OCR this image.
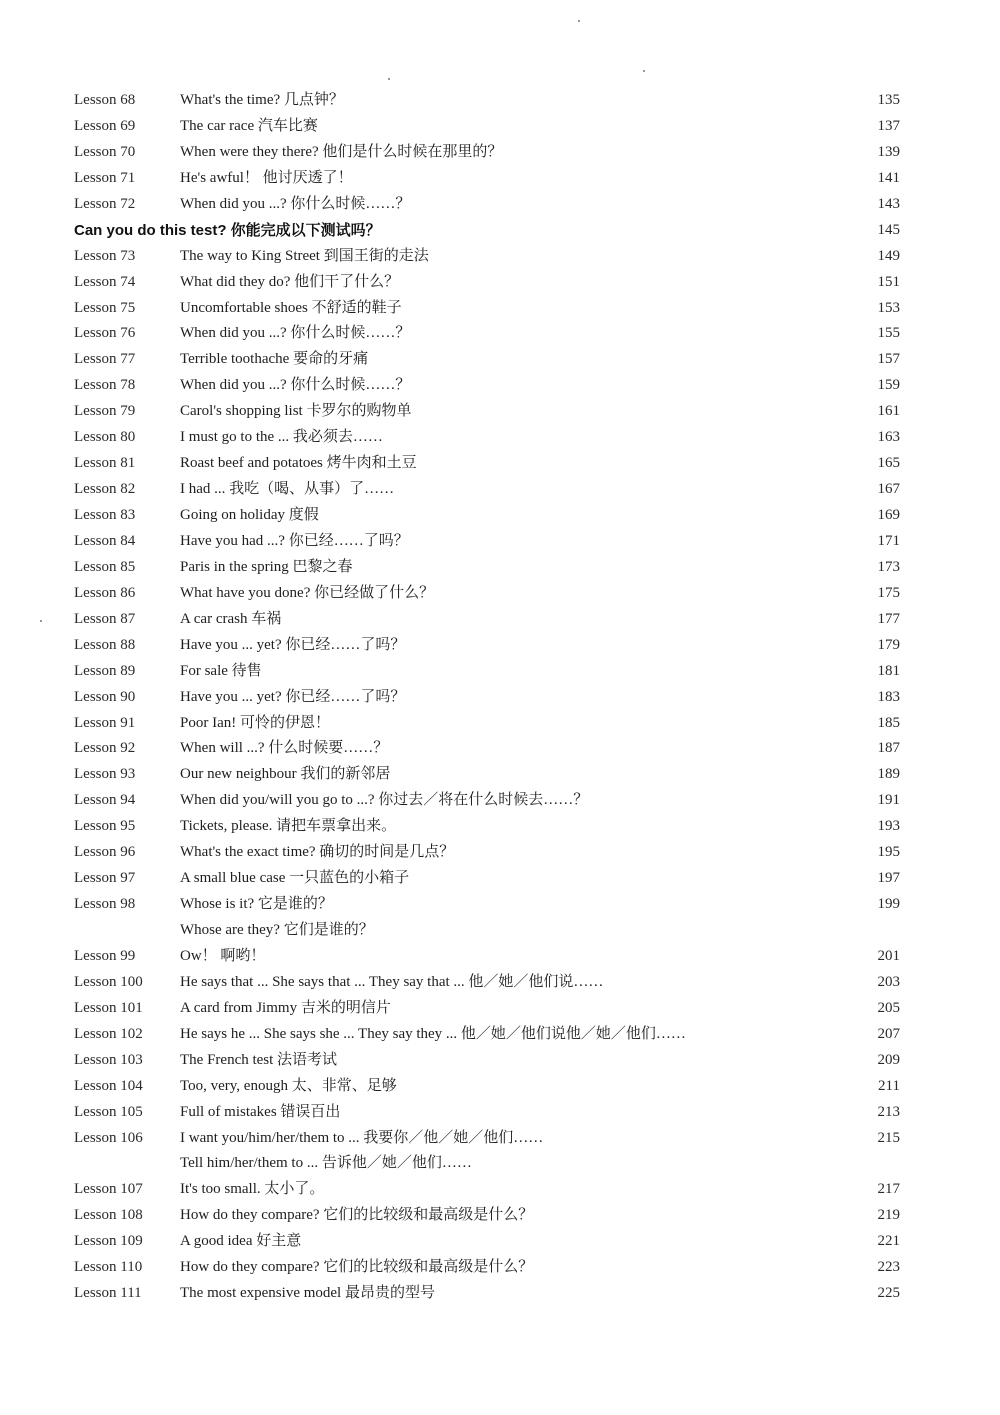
Lesson 68	What's the time? 几点钟？	135
Lesson 69	The car race 汽车比赛	137
Lesson 70	When were they there? 他们是什么时候在那里的？	139
Lesson 71	He's awful！ 他讨厌透了！	141
Lesson 72	When did you ...? 你什么时候……？	143
Can you do this test? 你能完成以下测试吗？	145
Lesson 73	The way to King Street 到国王街的走法	149
Lesson 74	What did they do? 他们干了什么？	151
Lesson 75	Uncomfortable shoes 不舒适的鞋子	153
Lesson 76	When did you ...? 你什么时候……？	155
Lesson 77	Terrible toothache 要命的牙痛	157
Lesson 78	When did you ...? 你什么时候……？	159
Lesson 79	Carol's shopping list 卡罗尔的购物单	161
Lesson 80	I must go to the ... 我必须去……	163
Lesson 81	Roast beef and potatoes 烤牛肉和土豆	165
Lesson 82	I had ... 我吃（喝、从事）了……	167
Lesson 83	Going on holiday 度假	169
Lesson 84	Have you had ...? 你已经……了吗？	171
Lesson 85	Paris in the spring 巴黎之春	173
Lesson 86	What have you done? 你已经做了什么？	175
Lesson 87	A car crash 车祸	177
Lesson 88	Have you ... yet? 你已经……了吗？	179
Lesson 89	For sale 待售	181
Lesson 90	Have you ... yet? 你已经……了吗？	183
Lesson 91	Poor Ian! 可怜的伊恩！	185
Lesson 92	When will ...? 什么时候要……？	187
Lesson 93	Our new neighbour 我们的新邻居	189
Lesson 94	When did you/will you go to ...? 你过去／将在什么时候去……？	191
Lesson 95	Tickets, please. 请把车票拿出来。	193
Lesson 96	What's the exact time? 确切的时间是几点？	195
Lesson 97	A small blue case 一只蓝色的小箱子	197
Lesson 98	Whose is it? 它是谁的？	199
Whose are they? 它们是谁的？
Lesson 99	Ow！ 啊哟！	201
Lesson 100	He says that ... She says that ... They say that ... 他／她／他们说……	203
Lesson 101	A card from Jimmy 吉米的明信片	205
Lesson 102	He says he ... She says she ... They say they ... 他／她／他们说他／她／他们……	207
Lesson 103	The French test 法语考试	209
Lesson 104	Too, very, enough 太、非常、足够	211
Lesson 105	Full of mistakes 错误百出	213
Lesson 106	I want you/him/her/them to ... 我要你／他／她／他们……	215
Tell him/her/them to ... 告诉他／她／他们……
Lesson 107	It's too small. 太小了。	217
Lesson 108	How do they compare? 它们的比较级和最高级是什么？	219
Lesson 109	A good idea 好主意	221
Lesson 110	How do they compare? 它们的比较级和最高级是什么？	223
Lesson 111	The most expensive model 最昂贵的型号	225
